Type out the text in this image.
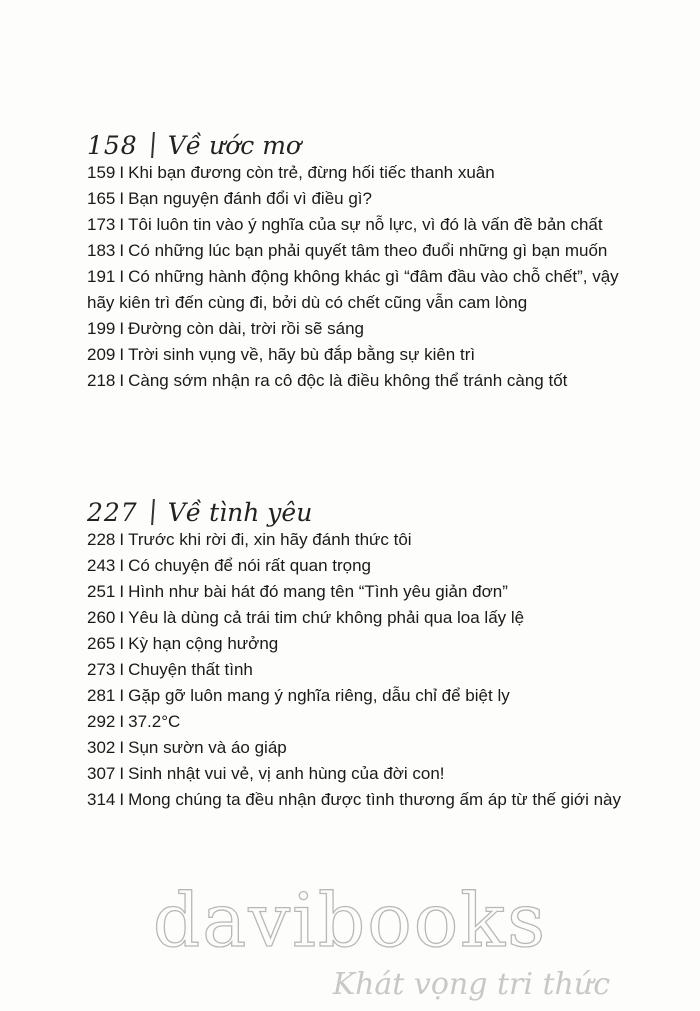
158 Về ước mơ

159 I Khi bạn đương còn trẻ, đừng hối tiếc thanh xuân

165 I Bạn nguyện đánh đổi vì điều gì?

173 I Tôi luôn tin vào ý nghĩa của sự nỗ lực, vì đó là vấn đề bản chất

183 I Có những lúc bạn phải quyết tâm theo đuổi những gì bạn muốn

191 I Có những hành động không khác gì “đâm đầu vào chỗ chết”, vậy hãy kiên trì đến cùng đi, bởi dù có chết cũng vẫn cam lòng

199 I Đường còn dài, trời rồi sẽ sáng

209 I Trời sinh vụng về, hãy bù đắp bằng sự kiên trì

218 I Càng sớm nhận ra cô độc là điều không thể tránh càng tốt

227 Về tình yêu

228 I Trước khi rời đi, xin hãy đánh thức tôi

243 I Có chuyện để nói rất quan trọng

251 I Hình như bài hát đó mang tên “Tình yêu giản đơn”

260 I Yêu là dùng cả trái tim chứ không phải qua loa lấy lệ

265 I Kỳ hạn cộng hưởng

273 I Chuyện thất tình

281 I Gặp gỡ luôn mang ý nghĩa riêng, dẫu chỉ để biệt ly

292 I 37.2°C

302 I Sụn sườn và áo giáp

307 I Sinh nhật vui vẻ, vị anh hùng của đời con!

314 I Mong chúng ta đều nhận được tình thương ấm áp từ thế giới này

davibooks
Khát vọng tri thức
